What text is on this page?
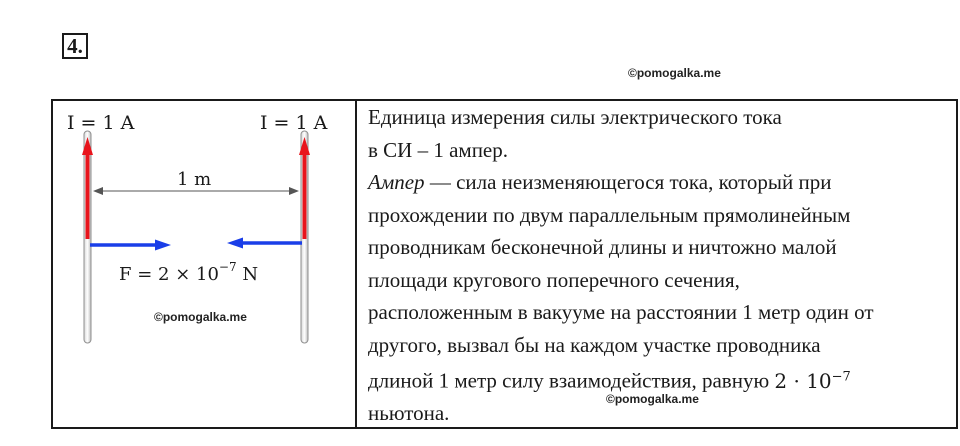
4.
©pomogalka.me
I = 1 A	I = 1 A
1 m
$F = 2 \times 10^{-7}$ N
©pomogalka.me
Единица измерения силы электрического тока
в СИ – 1 ампер.
Ампер — сила неизменяющегося тока, который при
прохождении по двум параллельным прямолинейным
проводникам бесконечной длины и ничтожно малой
площади кругового поперечного сечения,
расположенным в вакууме на расстоянии 1 метр один от
другого, вызвал бы на каждом участке проводника
длиной 1 метр силу взаимодействия, равную $2 \cdot 10^{-7}$
ньютона.
©pomogalka.me
